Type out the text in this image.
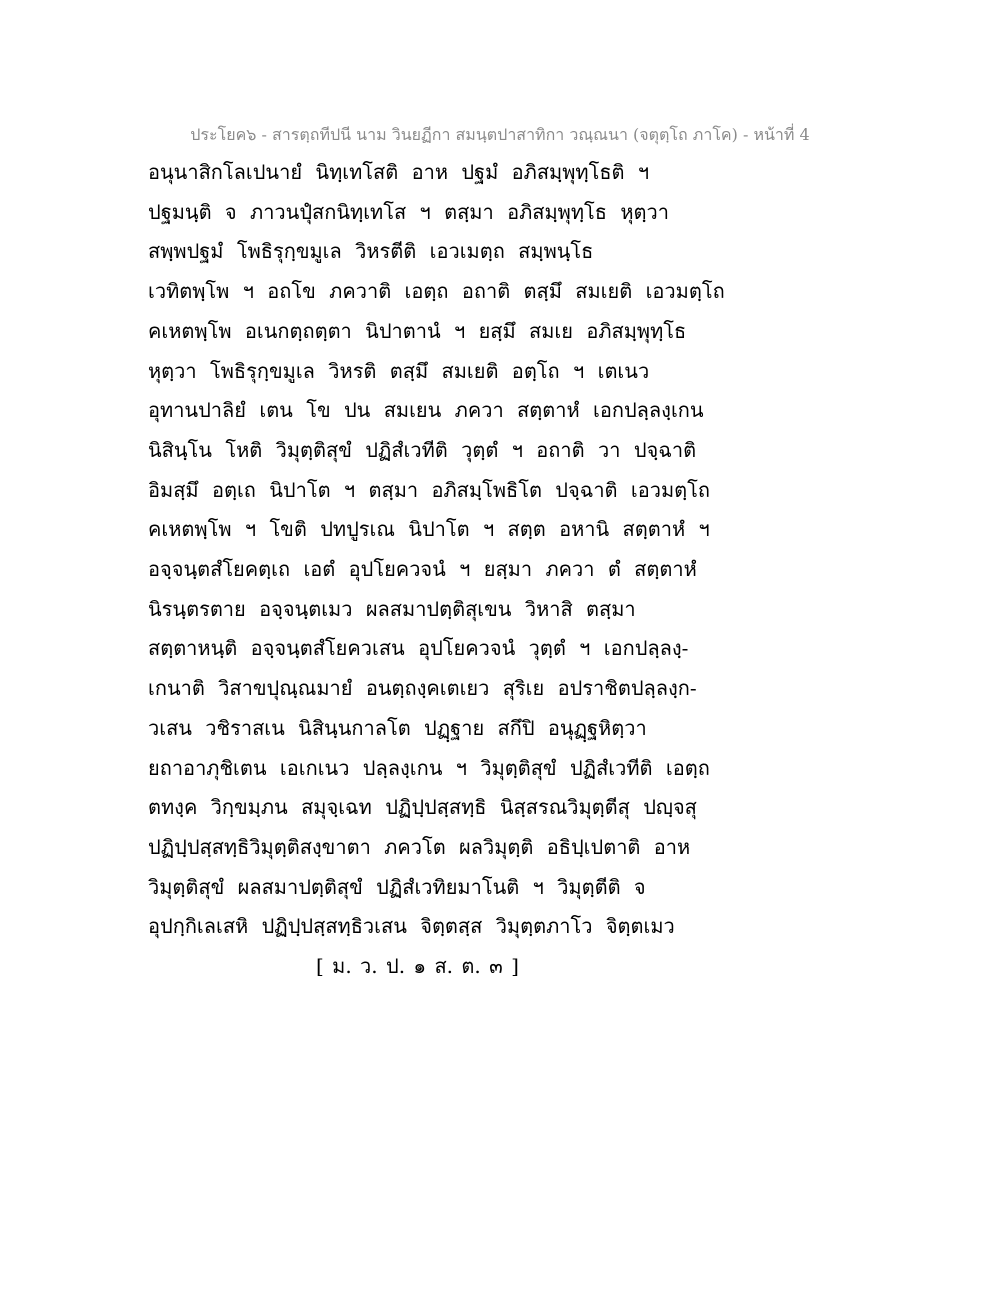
ประโยค๖ - สารตฺถทีปนี นาม วินยฏีกา สมนฺตปาสาทิกา วณฺณนา (จตุตฺโถ ภาโค) - หน้าที่ 4
อนุนาสิกโลเปนายํ นิทฺเทโสติ อาห ปฐมํ อภิสมฺพุทฺโธติ ฯ
ปฐมนฺติ จ ภาวนปุํสกนิทฺเทโส ฯ ตสฺมา อภิสมฺพุทฺโธ หุตฺวา
สพฺพปฐมํ โพธิรุกฺขมูเล วิหรตีติ เอวเมตฺถ สมฺพนฺโธ
เวทิตพฺโพ ฯ อถโข ภควาติ เอตฺถ อถาติ ตสฺมึ สมเยติ เอวมตฺโถ
คเหตพฺโพ อเนกตฺถตฺตา นิปาตานํ ฯ ยสฺมึ สมเย อภิสมฺพุทฺโธ
หุตฺวา โพธิรุกฺขมูเล วิหรติ ตสฺมึ สมเยติ อตฺโถ ฯ เตเนว
อุทานปาลิยํ เตน โข ปน สมเยน ภควา สตฺตาหํ เอกปลฺลงฺเกน
นิสินฺโน โหติ วิมุตฺติสุขํ ปฏิสํเวทีติ วุตฺตํ ฯ อถาติ วา ปจฺฉาติ
อิมสฺมึ อตฺเถ นิปาโต ฯ ตสฺมา อภิสมฺโพธิโต ปจฺฉาติ เอวมตฺโถ
คเหตพฺโพ ฯ โขติ ปทปูรเณ นิปาโต ฯ สตฺต อหานิ สตฺตาหํ ฯ
อจฺจนฺตสํโยคตฺเถ เอตํ อุปโยควจนํ ฯ ยสฺมา ภควา ตํ สตฺตาหํ
นิรนฺตรตาย อจฺจนฺตเมว ผลสมาปตฺติสุเขน วิหาสิ ตสฺมา
สตฺตาหนฺติ อจฺจนฺตสํโยควเสน อุปโยควจนํ วุตฺตํ ฯ เอกปลฺลงฺ-
เกนาติ วิสาขปุณฺณมายํ อนตฺถงฺคเตเยว สุริเย อปราชิตปลฺลงฺก-
วเสน วชิราสเน นิสินฺนกาลโต ปฏฺฐาย สกึปิ อนุฏฺฐหิตฺวา
ยถาอาภุชิเตน เอเกเนว ปลฺลงฺเกน ฯ วิมุตฺติสุขํ ปฏิสํเวทีติ เอตฺถ
ตทงฺค วิกฺขมฺภน สมุจฺเฉท ปฏิปฺปสฺสทฺธิ นิสฺสรณวิมุตฺตีสุ ปญฺจสุ
ปฏิปฺปสฺสทฺธิวิมุตฺติสงฺขาตา ภควโต ผลวิมุตฺติ อธิปฺเปตาติ อาห
วิมุตฺติสุขํ ผลสมาปตฺติสุขํ ปฏิสํเวทิยมาโนติ ฯ วิมุตฺตีติ จ
อุปกฺกิเลเสหิ ปฏิปฺปสฺสทฺธิวเสน จิตฺตสฺส วิมุตฺตภาโว จิตฺตเมว
[ ม. ว. ป. ๑ ส. ต. ๓ ]
